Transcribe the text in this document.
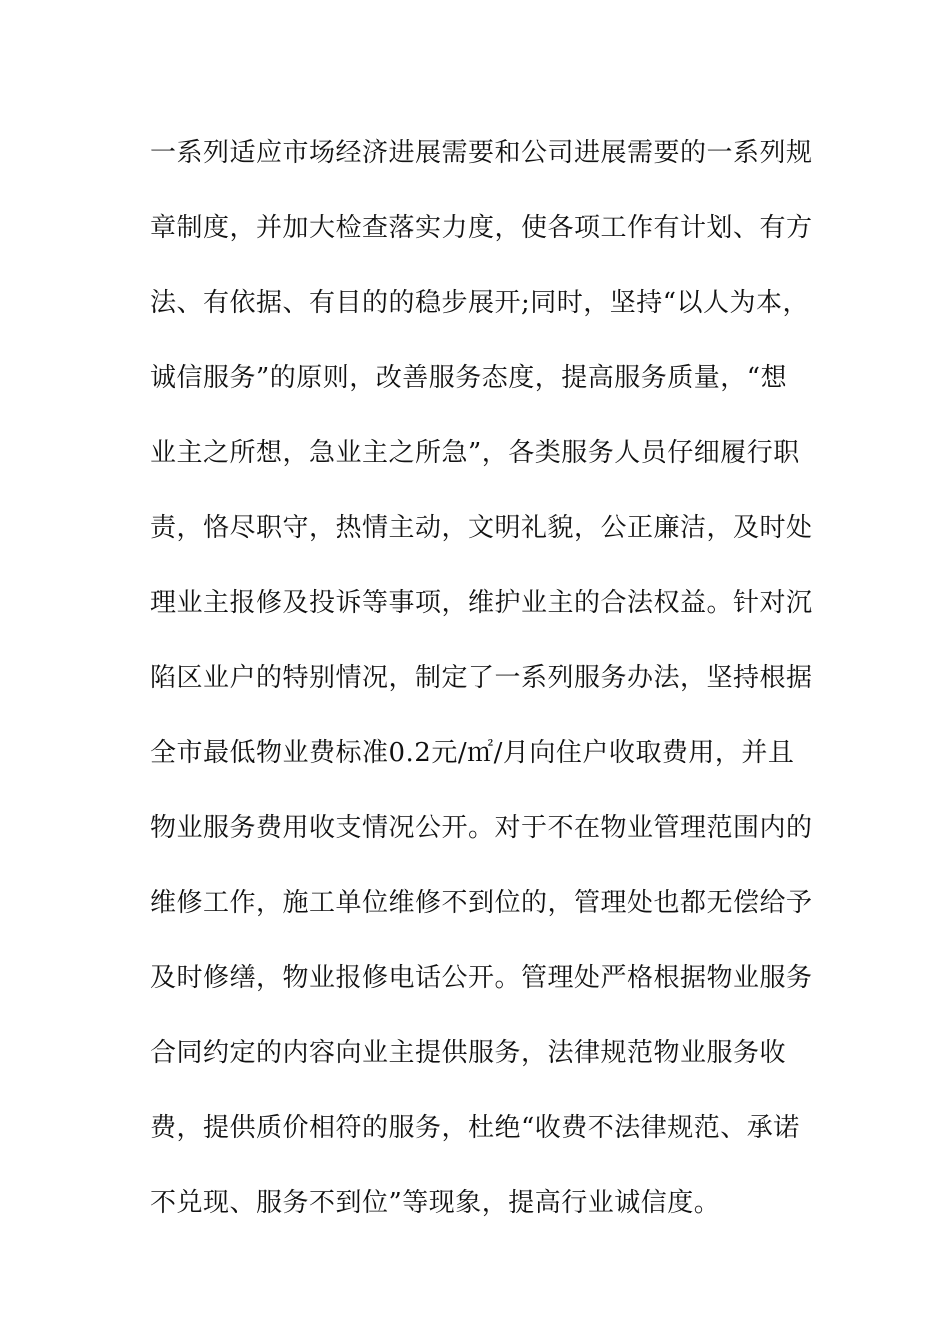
一系列适应市场经济进展需要和公司进展需要的一系列规
章制度，并加大检查落实力度，使各项工作有计划、有方
法、有依据、有目的的稳步展开;同时，坚持“以人为本，
诚信服务”的原则，改善服务态度，提高服务质量，“想
业主之所想，急业主之所急”，各类服务人员仔细履行职
责，恪尽职守，热情主动，文明礼貌，公正廉洁，及时处
理业主报修及投诉等事项，维护业主的合法权益。针对沉
陷区业户的特别情况，制定了一系列服务办法，坚持根据
全市最低物业费标准0.2元/㎡/月向住户收取费用，并且
物业服务费用收支情况公开。对于不在物业管理范围内的
维修工作，施工单位维修不到位的，管理处也都无偿给予
及时修缮，物业报修电话公开。管理处严格根据物业服务
合同约定的内容向业主提供服务，法律规范物业服务收
费，提供质价相符的服务，杜绝“收费不法律规范、承诺
不兑现、服务不到位”等现象，提高行业诚信度。
